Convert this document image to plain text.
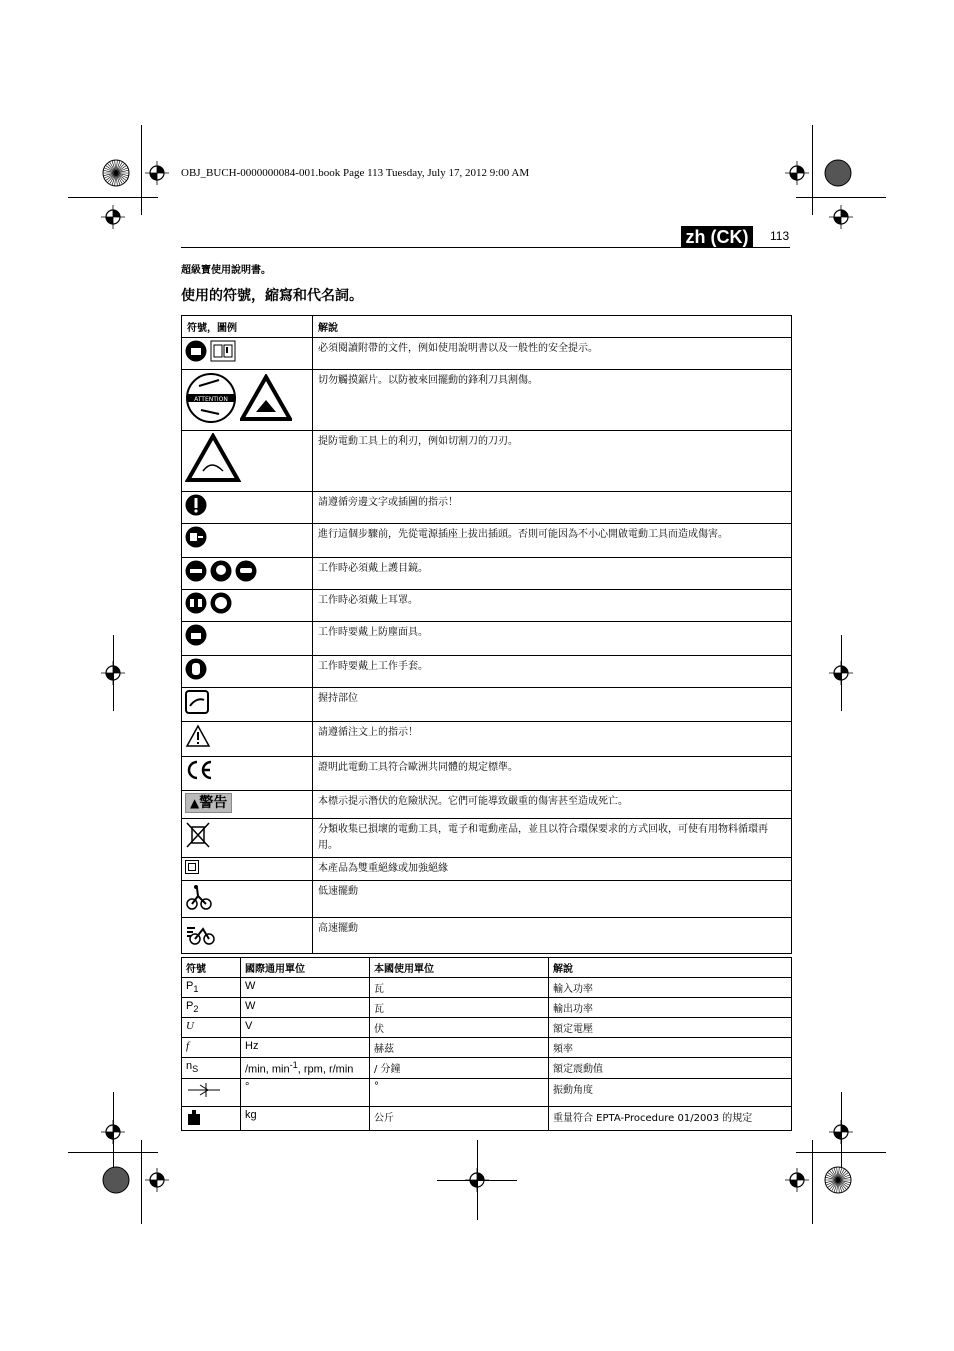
OBJ_BUCH-0000000084-001.book Page 113 Tuesday, July 17, 2012 9:00 AM
zh (CK)	113
超級寶使用說明書。
使用的符號，縮寫和代名詞。
符號，圖例	解說
	必須閱讀附帶的文件，例如使用說明書以及一般性的安全提示。

ATTENTION	切勿觸摸鋸片。以防被來回擺動的鋒利刀具割傷。
	提防電動工具上的利刃，例如切割刀的刀刃。
	請遵循旁邊文字或插圖的指示！
	進行這個步驟前，先從電源插座上拔出插頭。否則可能因為不小心開啟電動工具而造成傷害。
	工作時必須戴上護目鏡。
	工作時必須戴上耳罩。
	工作時要戴上防塵面具。
	工作時要戴上工作手套。
	握持部位
	請遵循注文上的指示！
	證明此電動工具符合歐洲共同體的規定標準。
▲警告	本標示提示潛伏的危險狀況。它們可能導致嚴重的傷害甚至造成死亡。
	分類收集已損壞的電動工具，電子和電動產品，並且以符合環保要求的方式回收，可使有用物料循環再用。
	本產品為雙重絕緣或加強絕緣
	低速擺動
	高速擺動
符號	國際通用單位	本國使用單位	解說
$P_1$	W	瓦	輸入功率
$P_2$	W	瓦	輸出功率
U	V	伏	額定電壓
f	Hz	赫茲	頻率
$n_S$	/min, $\min^{-1}$, rpm, r/min	/ 分鐘	額定震動值
	°	°	振動角度
	kg	公斤	重量符合 EPTA-Procedure 01/2003 的規定
